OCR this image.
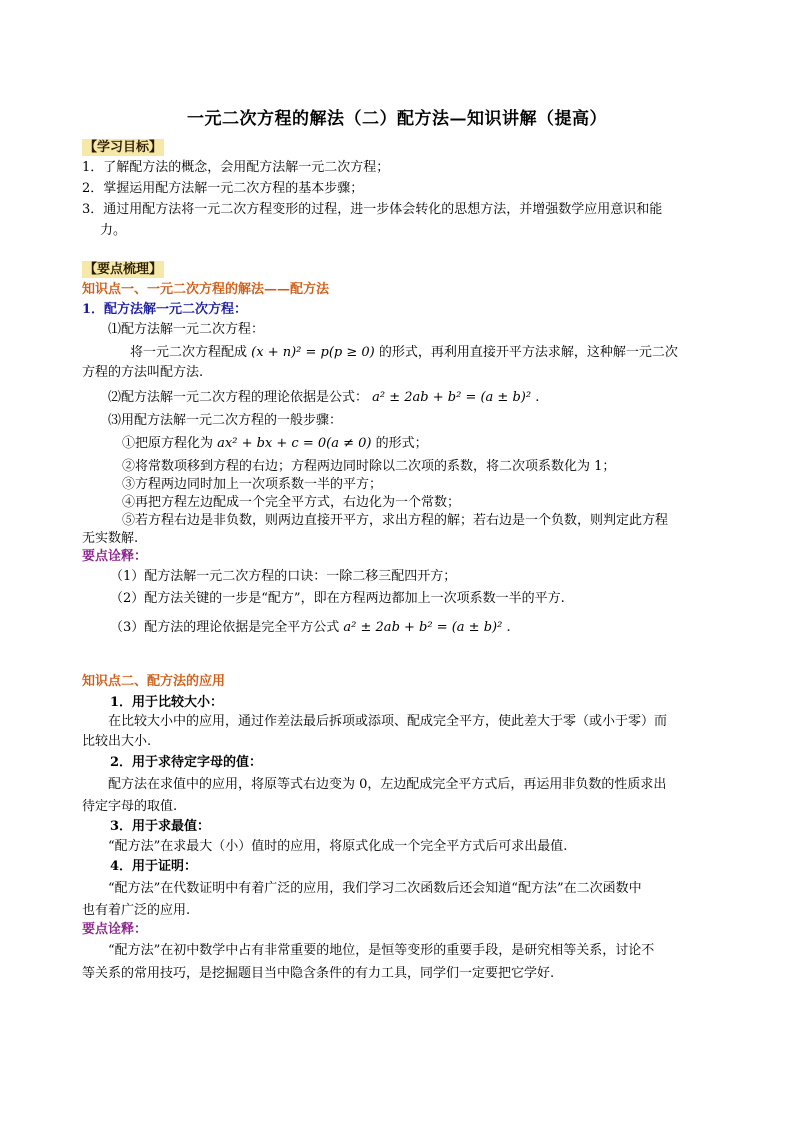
一元二次方程的解法（二）配方法—知识讲解（提高）
【学习目标】
1．了解配方法的概念，会用配方法解一元二次方程；
2．掌握运用配方法解一元二次方程的基本步骤；
3．通过用配方法将一元二次方程变形的过程，进一步体会转化的思想方法，并增强数学应用意识和能
力。
【要点梳理】
知识点一、一元二次方程的解法——配方法
1．配方法解一元二次方程：
⑴配方法解一元二次方程：
将一元二次方程配成 (x + n)² = p(p ≥ 0) 的形式，再利用直接开平方法求解，这种解一元二次
方程的方法叫配方法.
⑵配方法解一元二次方程的理论依据是公式： a² ± 2ab + b² = (a ± b)² .
⑶用配方法解一元二次方程的一般步骤：
①把原方程化为 ax² + bx + c = 0(a ≠ 0) 的形式；
②将常数项移到方程的右边；方程两边同时除以二次项的系数，将二次项系数化为 1；
③方程两边同时加上一次项系数一半的平方；
④再把方程左边配成一个完全平方式，右边化为一个常数；
⑤若方程右边是非负数，则两边直接开平方，求出方程的解；若右边是一个负数，则判定此方程
无实数解.
要点诠释：
（1）配方法解一元二次方程的口诀：一除二移三配四开方；
（2）配方法关键的一步是“配方”，即在方程两边都加上一次项系数一半的平方.
（3）配方法的理论依据是完全平方公式 a² ± 2ab + b² = (a ± b)² .
知识点二、配方法的应用
1．用于比较大小：
在比较大小中的应用，通过作差法最后拆项或添项、配成完全平方，使此差大于零（或小于零）而
比较出大小.
2．用于求待定字母的值：
配方法在求值中的应用，将原等式右边变为 0，左边配成完全平方式后，再运用非负数的性质求出
待定字母的取值.
3．用于求最值：
“配方法”在求最大（小）值时的应用，将原式化成一个完全平方式后可求出最值.
4．用于证明：
“配方法”在代数证明中有着广泛的应用，我们学习二次函数后还会知道“配方法”在二次函数中
也有着广泛的应用.
要点诠释：
“配方法”在初中数学中占有非常重要的地位，是恒等变形的重要手段，是研究相等关系，讨论不
等关系的常用技巧，是挖掘题目当中隐含条件的有力工具，同学们一定要把它学好.
